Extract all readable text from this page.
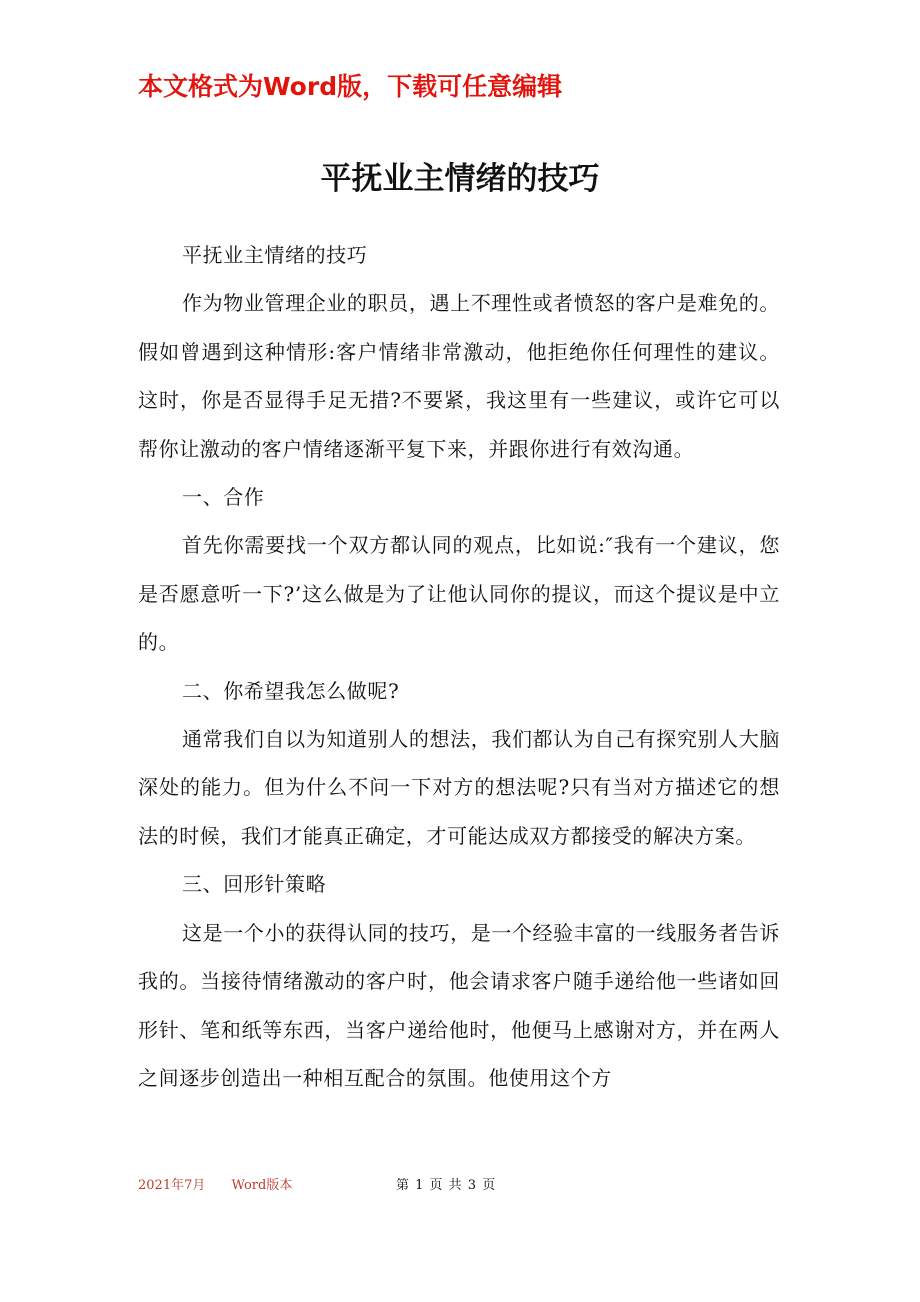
本文格式为Word版，下载可任意编辑
平抚业主情绪的技巧

平抚业主情绪的技巧

作为物业管理企业的职员，遇上不理性或者愤怒的客户是难免的。假如曾遇到这种情形:客户情绪非常激动，他拒绝你任何理性的建议。这时，你是否显得手足无措?不要紧，我这里有一些建议，或许它可以帮你让激动的客户情绪逐渐平复下来，并跟你进行有效沟通。

一、合作

首先你需要找一个双方都认同的观点，比如说:″我有一个建议，您是否愿意听一下?’这么做是为了让他认同你的提议，而这个提议是中立的。

二、你希望我怎么做呢?

通常我们自以为知道别人的想法，我们都认为自己有探究别人大脑深处的能力。但为什么不问一下对方的想法呢?只有当对方描述它的想法的时候，我们才能真正确定，才可能达成双方都接受的解决方案。

三、回形针策略

这是一个小的获得认同的技巧，是一个经验丰富的一线服务者告诉我的。当接待情绪激动的客户时，他会请求客户随手递给他一些诸如回形针、笔和纸等东西，当客户递给他时，他便马上感谢对方，并在两人之间逐步创造出一种相互配合的氛围。他使用这个方

2021年7月 Word版本	第 1 页 共 3 页
